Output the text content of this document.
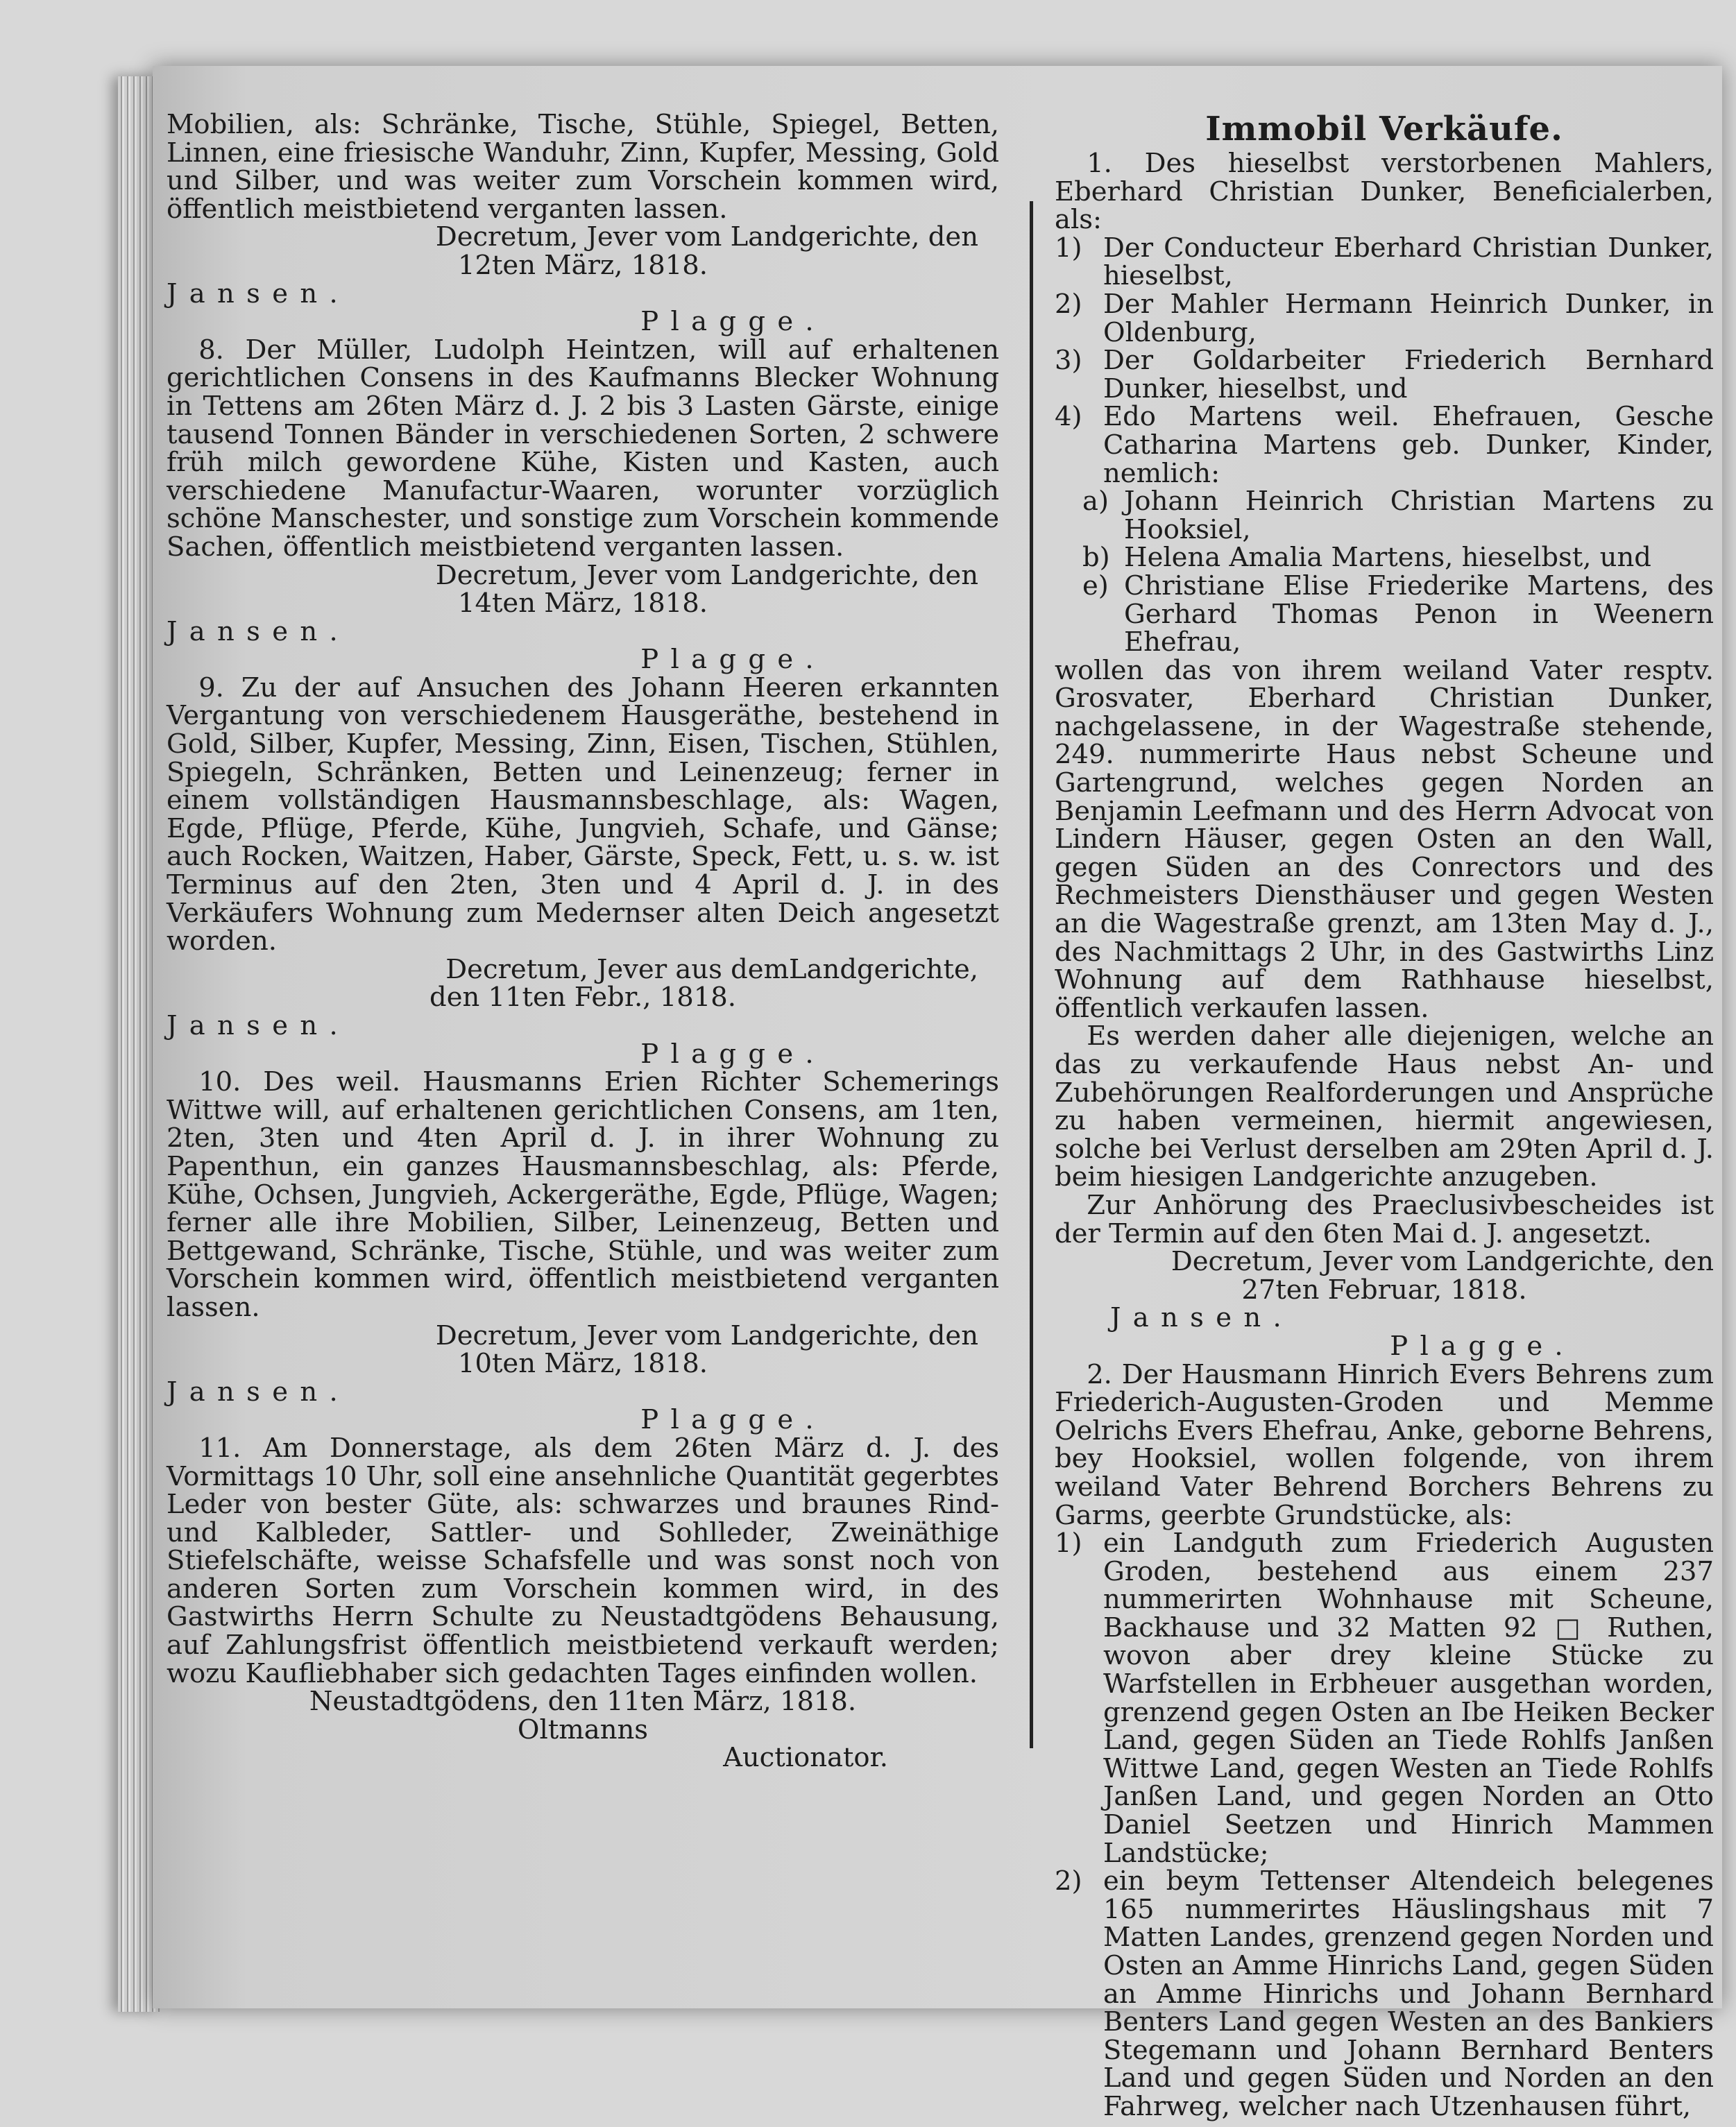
Mobilien, als: Schränke, Tische, Stühle, Spiegel, Betten, Linnen, eine friesische Wanduhr, Zinn, Kupfer, Messing, Gold und Silber, und was weiter zum Vorschein kommen wird, öffentlich meistbietend verganten lassen.

Decretum, Jever vom Landgerichte, den
12ten März, 1818.
Jansen.
Plagge.

8. Der Müller, Ludolph Heintzen, will auf erhaltenen gerichtlichen Consens in des Kaufmanns Blecker Wohnung in Tettens am 26ten März d. J. 2 bis 3 Lasten Gärste, einige tausend Tonnen Bänder in verschiedenen Sorten, 2 schwere früh milch gewordene Kühe, Kisten und Kasten, auch verschiedene Manufactur-Waaren, worunter vorzüglich schöne Manschester, und sonstige zum Vorschein kommende Sachen, öffentlich meistbietend verganten lassen.

Decretum, Jever vom Landgerichte, den
14ten März, 1818.
Jansen.
Plagge.

9. Zu der auf Ansuchen des Johann Heeren erkannten Vergantung von verschiedenem Hausgeräthe, bestehend in Gold, Silber, Kupfer, Messing, Zinn, Eisen, Tischen, Stühlen, Spiegeln, Schränken, Betten und Leinenzeug; ferner in einem vollständigen Hausmannsbeschlage, als: Wagen, Egde, Pflüge, Pferde, Kühe, Jungvieh, Schafe, und Gänse; auch Rocken, Waitzen, Haber, Gärste, Speck, Fett, u. s. w. ist Terminus auf den 2ten, 3ten und 4 April d. J. in des Verkäufers Wohnung zum Medernser alten Deich angesetzt worden.

Decretum, Jever aus demLandgerichte,
den 11ten Febr., 1818.
Jansen.
Plagge.

10. Des weil. Hausmanns Erien Richter Schemerings Wittwe will, auf erhaltenen gerichtlichen Consens, am 1ten, 2ten, 3ten und 4ten April d. J. in ihrer Wohnung zu Papenthun, ein ganzes Hausmannsbeschlag, als: Pferde, Kühe, Ochsen, Jungvieh, Ackergeräthe, Egde, Pflüge, Wagen; ferner alle ihre Mobilien, Silber, Leinenzeug, Betten und Bettgewand, Schränke, Tische, Stühle, und was weiter zum Vorschein kommen wird, öffentlich meistbietend verganten lassen.

Decretum, Jever vom Landgerichte, den
10ten März, 1818.
Jansen.
Plagge.

11. Am Donnerstage, als dem 26ten März d. J. des Vormittags 10 Uhr, soll eine ansehnliche Quantität gegerbtes Leder von bester Güte, als: schwarzes und braunes Rind- und Kalbleder, Sattler- und Sohlleder, Zweinäthige Stiefelschäfte, weisse Schafsfelle und was sonst noch von anderen Sorten zum Vorschein kommen wird, in des Gastwirths Herrn Schulte zu Neustadtgödens Behausung, auf Zahlungsfrist öffentlich meistbietend verkauft werden; wozu Kaufliebhaber sich gedachten Tages einfinden wollen.

Neustadtgödens, den 11ten März, 1818.
Oltmanns
Auctionator.
Immobil Verkäufe.

1. Des hieselbst verstorbenen Mahlers, Eberhard Christian Dunker, Beneficialerben, als:

1) Der Conducteur Eberhard Christian Dunker, hieselbst,
2) Der Mahler Hermann Heinrich Dunker, in Oldenburg,
3) Der Goldarbeiter Friederich Bernhard Dunker, hieselbst, und
4) Edo Martens weil. Ehefrauen, Gesche Catharina Martens geb. Dunker, Kinder, nemlich:
a) Johann Heinrich Christian Martens zu Hooksiel,
b) Helena Amalia Martens, hieselbst, und
e) Christiane Elise Friederike Martens, des Gerhard Thomas Penon in Weenern Ehefrau,

wollen das von ihrem weiland Vater resptv. Grosvater, Eberhard Christian Dunker, nachgelassene, in der Wagestraße stehende, 249. nummerirte Haus nebst Scheune und Gartengrund, welches gegen Norden an Benjamin Leefmann und des Herrn Advocat von Lindern Häuser, gegen Osten an den Wall, gegen Süden an des Conrectors und des Rechmeisters Diensthäuser und gegen Westen an die Wagestraße grenzt, am 13ten May d. J., des Nachmittags 2 Uhr, in des Gastwirths Linz Wohnung auf dem Rathhause hieselbst, öffentlich verkaufen lassen.

Es werden daher alle diejenigen, welche an das zu verkaufende Haus nebst An- und Zubehörungen Realforderungen und Ansprüche zu haben vermeinen, hiermit angewiesen, solche bei Verlust derselben am 29ten April d. J. beim hiesigen Landgerichte anzugeben.

Zur Anhörung des Praeclusivbescheides ist der Termin auf den 6ten Mai d. J. angesetzt.

Decretum, Jever vom Landgerichte, den
27ten Februar, 1818.
Jansen.
Plagge.

2. Der Hausmann Hinrich Evers Behrens zum Friederich-Augusten-Groden und Memme Oelrichs Evers Ehefrau, Anke, geborne Behrens, bey Hooksiel, wollen folgende, von ihrem weiland Vater Behrend Borchers Behrens zu Garms, geerbte Grundstücke, als:

1) ein Landguth zum Friederich Augusten Groden, bestehend aus einem 237 nummerirten Wohnhause mit Scheune, Backhause und 32 Matten 92 □ Ruthen, wovon aber drey kleine Stücke zu Warfstellen in Erbheuer ausgethan worden, grenzend gegen Osten an Ibe Heiken Becker Land, gegen Süden an Tiede Rohlfs Janßen Wittwe Land, gegen Westen an Tiede Rohlfs Janßen Land, und gegen Norden an Otto Daniel Seetzen und Hinrich Mammen Landstücke;
2) ein beym Tettenser Altendeich belegenes 165 nummerirtes Häuslingshaus mit 7 Matten Landes, grenzend gegen Norden und Osten an Amme Hinrichs Land, gegen Süden an Amme Hinrichs und Johann Bernhard Benters Land gegen Westen an des Bankiers Stegemann und Johann Bernhard Benters Land und gegen Süden und Norden an den Fahrweg, welcher nach Utzenhausen führt,
